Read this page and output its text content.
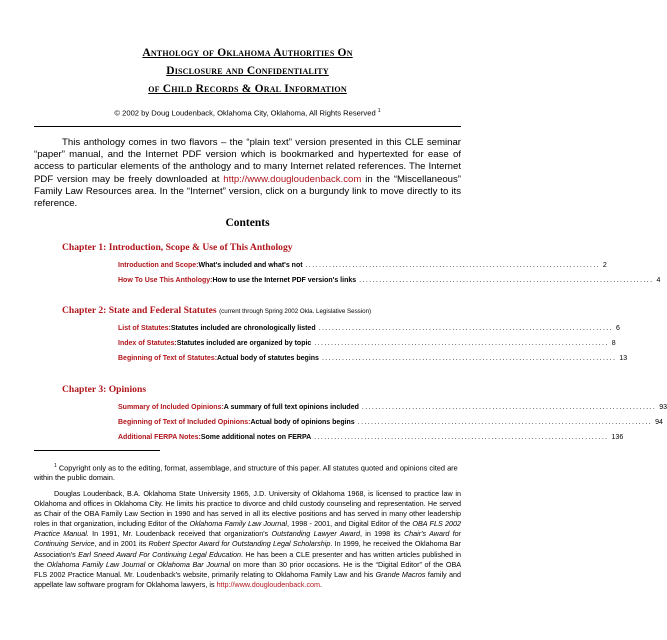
Anthology of Oklahoma Authorities On
Disclosure and Confidentiality
of Child Records & Oral Information
© 2002 by Doug Loudenback, Oklahoma City, Oklahoma, All Rights Reserved $^1$
This anthology comes in two flavors – the “plain text” version presented in this CLE seminar “paper” manual, and the Internet PDF version which is bookmarked and hypertexted for ease of access to particular elements of the anthology and to many Internet related references. The Internet PDF version may be freely downloaded at http://www.dougloudenback.com in the “Miscellaneous” Family Law Resources area. In the “Internet” version, click on a burgundy link to move directly to its reference.
Contents
Chapter 1: Introduction, Scope & Use of This Anthology
Introduction and Scope: What's included and what's not ........................................................................................ 2
How To Use This Anthology: How to use the Internet PDF version's links ........................................................................................ 4
Chapter 2: State and Federal Statutes (current through Spring 2002 Okla. Legislative Session)
List of Statutes: Statutes included are chronologically listed ........................................................................................ 6
Index of Statutes: Statutes included are organized by topic ........................................................................................ 8
Beginning of Text of Statutes: Actual body of statutes begins ........................................................................................ 13
Chapter 3: Opinions
Summary of Included Opinions: A summary of full text opinions included ........................................................................................ 93
Beginning of Text of Included Opinions: Actual body of opinions begins ........................................................................................ 94
Additional FERPA Notes: Some additional notes on FERPA ........................................................................................ 136
$^1$ Copyright only as to the editing, format, assemblage, and structure of this paper. All statutes quoted and opinions cited are within the public domain.
Douglas Loudenback, B.A. Oklahoma State University 1965, J.D. University of Oklahoma 1968, is licensed to practice law in Oklahoma and offices in Oklahoma City. He limits his practice to divorce and child custody counseling and representation. He served as Chair of the OBA Family Law Section in 1990 and has served in all its elective positions and has served in many other leadership roles in that organization, including Editor of the Oklahoma Family Law Journal, 1998 - 2001, and Digital Editor of the OBA FLS 2002 Practice Manual. In 1991, Mr. Loudenback received that organization's Outstanding Lawyer Award, in 1998 its Chair's Award for Continuing Service, and in 2001 its Robert Spector Award for Outstanding Legal Scholarship. In 1999, he received the Oklahoma Bar Association's Earl Sneed Award For Continuing Legal Education. He has been a CLE presenter and has written articles published in the Oklahoma Family Law Journal or Oklahoma Bar Journal on more than 30 prior occasions. He is the “Digital Editor” of the OBA FLS 2002 Practice Manual. Mr. Loudenback's website, primarily relating to Oklahoma Family Law and his Grande Macros family and appellate law software program for Oklahoma lawyers, is http://www.dougloudenback.com.
